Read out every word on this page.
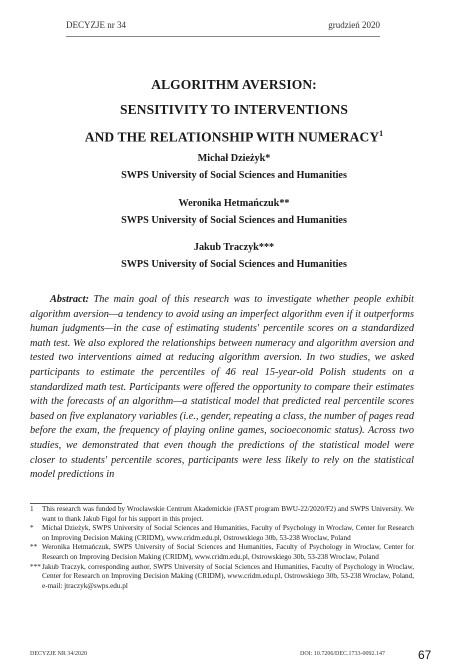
DECYZJE nr 34	grudzień 2020
ALGORITHM AVERSION:
SENSITIVITY TO INTERVENTIONS
AND THE RELATIONSHIP WITH NUMERACY$^1$
Michał Dzieżyk*
SWPS University of Social Sciences and Humanities
Weronika Hetmańczuk**
SWPS University of Social Sciences and Humanities
Jakub Traczyk***
SWPS University of Social Sciences and Humanities
Abstract: The main goal of this research was to investigate whether people exhibit algorithm aversion—a tendency to avoid using an imperfect algorithm even if it outperforms human judgments—in the case of estimating students' percentile scores on a standardized math test. We also explored the relationships between numeracy and algorithm aversion and tested two interventions aimed at reducing algorithm aversion. In two studies, we asked participants to estimate the percentiles of 46 real 15-year-old Polish students on a standardized math test. Participants were offered the opportunity to compare their estimates with the forecasts of an algorithm—a statistical model that predicted real percentile scores based on five explanatory variables (i.e., gender, repeating a class, the number of pages read before the exam, the frequency of playing online games, socioeconomic status). Across two studies, we demonstrated that even though the predictions of the statistical model were closer to students' percentile scores, participants were less likely to rely on the statistical model predictions in
1 This research was funded by Wrocławskie Centrum Akademickie (FAST program BWU-22/2020/F2) and SWPS University. We want to thank Jakub Figol for his support in this project.
* Michał Dzieżyk, SWPS University of Social Sciences and Humanities, Faculty of Psychology in Wroclaw, Center for Research on Improving Decision Making (CRIDM), www.cridm.edu.pl, Ostrowskiego 30b, 53-238 Wroclaw, Poland
** Weronika Hetmańczuk, SWPS University of Social Sciences and Humanities, Faculty of Psychology in Wroclaw, Center for Research on Improving Decision Making (CRIDM), www.cridm.edu.pl, Ostrowskiego 30b, 53-238 Wroclaw, Poland
*** Jakub Traczyk, corresponding author, SWPS University of Social Sciences and Humanities, Faculty of Psychology in Wroclaw, Center for Research on Improving Decision Making (CRIDM), www.cridm.edu.pl, Ostrowskiego 30b, 53-238 Wroclaw, Poland, e-mail: jtraczyk@swps.edu.pl
DECYZJE NR 34/2020	DOI: 10.7206/DEC.1733-0092.147	67
